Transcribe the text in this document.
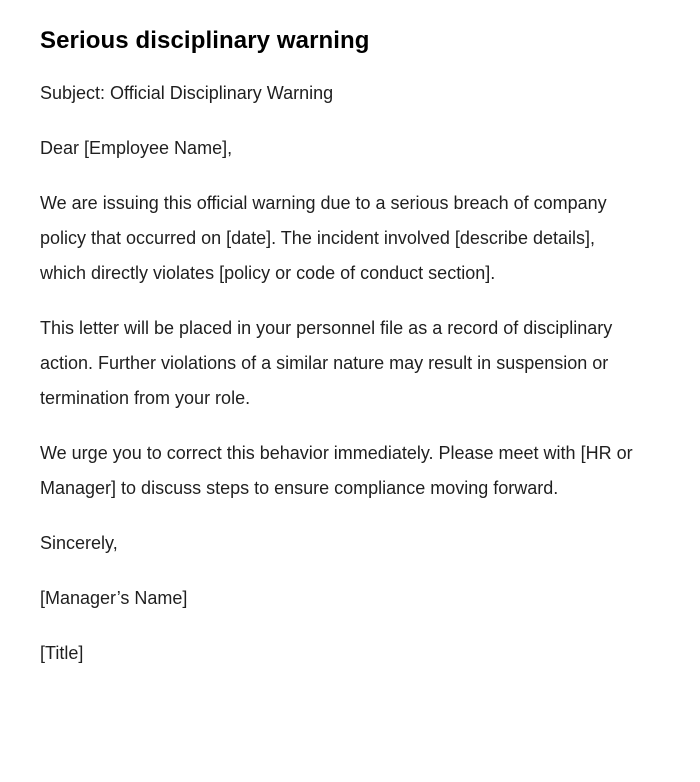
Serious disciplinary warning

Subject: Official Disciplinary Warning

Dear [Employee Name],

We are issuing this official warning due to a serious breach of company policy that occurred on [date]. The incident involved [describe details], which directly violates [policy or code of conduct section].

This letter will be placed in your personnel file as a record of disciplinary action. Further violations of a similar nature may result in suspension or termination from your role.

We urge you to correct this behavior immediately. Please meet with [HR or Manager] to discuss steps to ensure compliance moving forward.

Sincerely,

[Manager’s Name]

[Title]
